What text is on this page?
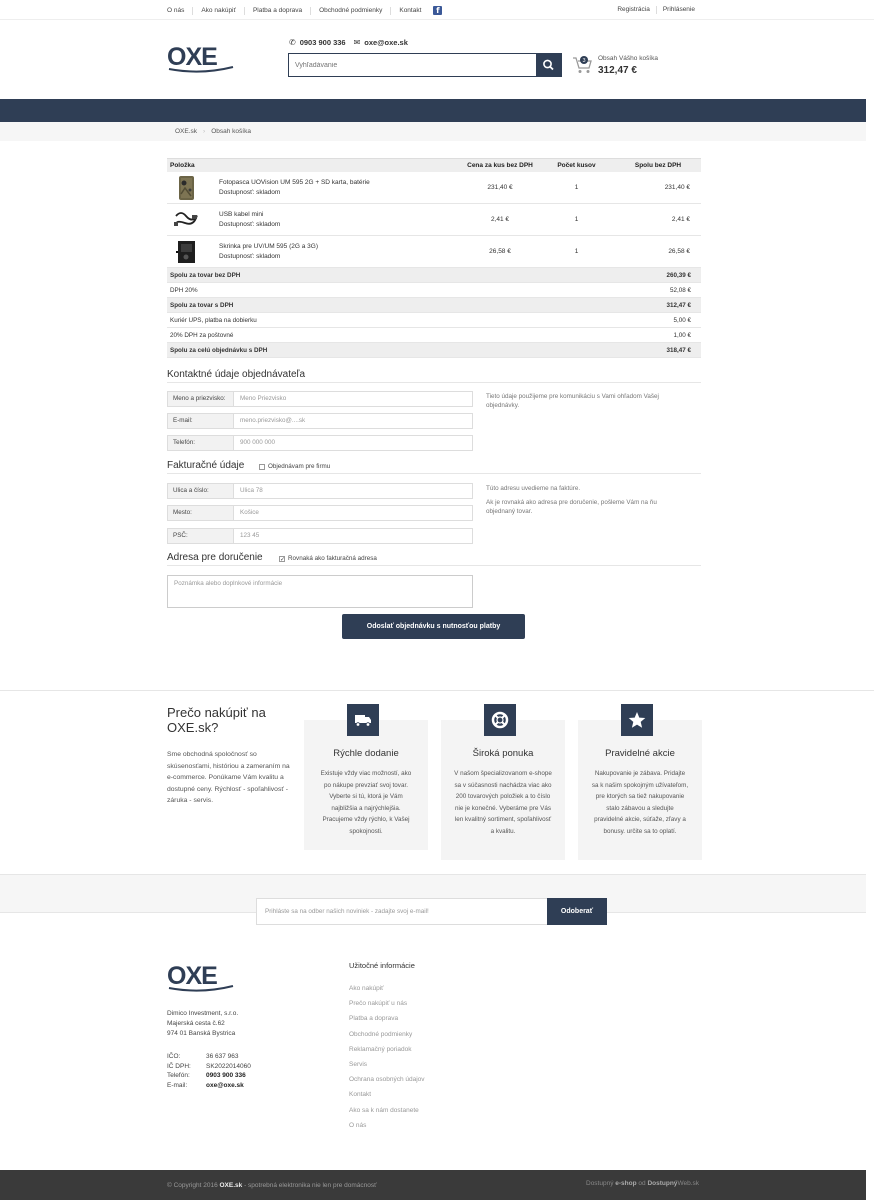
O nás	Ako nakúpiť	Platba a doprava	Obchodné podmienky	Kontakt	f	Registrácia	Prihlásenie
OXE
✆ 0903 900 336 ✉ oxe@oxe.sk
Vyhľadávanie
3 Obsah Vášho košíka
312,47 €
OXE.sk › Obsah košíka
Položka	Cena za kus bez DPH	Počet kusov	Spolu bez DPH
Fotopasca UOVision UM 595 2G + SD karta, batérie
Dostupnosť: skladom
231,40 €	1	231,40 €
USB kabel mini
Dostupnosť: skladom
2,41 €	1	2,41 €
Skrinka pre UV/UM 595 (2G a 3G)
Dostupnosť: skladom
26,58 €	1	26,58 €
Spolu za tovar bez DPH	260,39 €
DPH 20%	52,08 €
Spolu za tovar s DPH	312,47 €
Kuriér UPS, platba na dobierku	5,00 €
20% DPH za poštovné	1,00 €
Spolu za celú objednávku s DPH	318,47 €
Kontaktné údaje objednávateľa
Meno a priezvisko:	Meno Priezvisko
E-mail:	meno.priezvisko@....sk
Telefón:	900 000 000
Tieto údaje použijeme pre komunikáciu s Vami ohľadom Vašej objednávky.
Fakturačné údaje	Objednávam pre firmu
Ulica a číslo:	Ulica 78
Mesto:	Košice
PSČ:	123 45
Túto adresu uvedieme na faktúre.
Ak je rovnaká ako adresa pre doručenie, pošleme Vám na ňu objednaný tovar.
Adresa pre doručenie	✓ Rovnaká ako fakturačná adresa
Poznámka alebo doplnkové informácie
Odoslať objednávku s nutnosťou platby
Prečo nakúpiť na OXE.sk?
Sme obchodná spoločnosť so skúsenosťami, históriou a zameraním na e-commerce. Ponúkame Vám kvalitu a dostupné ceny. Rýchlosť - spoľahlivosť - záruka - servis.
Rýchle dodanie
Existuje vždy viac možností, ako po nákupe prevziať svoj tovar. Vyberte si tú, ktorá je Vám najbližšia a najrýchlejšia. Pracujeme vždy rýchlo, k Vašej spokojnosti.
Široká ponuka
V našom špecializovanom e-shope sa v súčasnosti nachádza viac ako 200 tovarových položiek a to číslo nie je konečné. Vyberáme pre Vás len kvalitný sortiment, spoľahlivosť a kvalitu.
Pravidelné akcie
Nakupovanie je zábava. Pridajte sa k našim spokojným užívateľom, pre ktorých sa tiež nakupovanie stalo zábavou a sledujte pravidelné akcie, súťaže, zľavy a bonusy. určite sa to oplatí.
Prihláste sa na odber našich noviniek - zadajte svoj e-mail!	Odoberať
OXE
Dimico Investment, s.r.o.
Majerská cesta č.62
974 01 Banská Bystrica
IČO:	36 637 963
IČ DPH: SK2022014060
Telefón: 0903 900 336
E-mail:	oxe@oxe.sk
Užitočné informácie
Ako nakúpiť
Prečo nakúpiť u nás
Platba a doprava
Obchodné podmienky
Reklamačný poriadok
Servis
Ochrana osobných údajov
Kontakt
Ako sa k nám dostanete
O nás
© Copyright 2016 OXE.sk - spotrebná elektronika nie len pre domácnosť	Dostupný e-shop od DostupnýWeb.sk
